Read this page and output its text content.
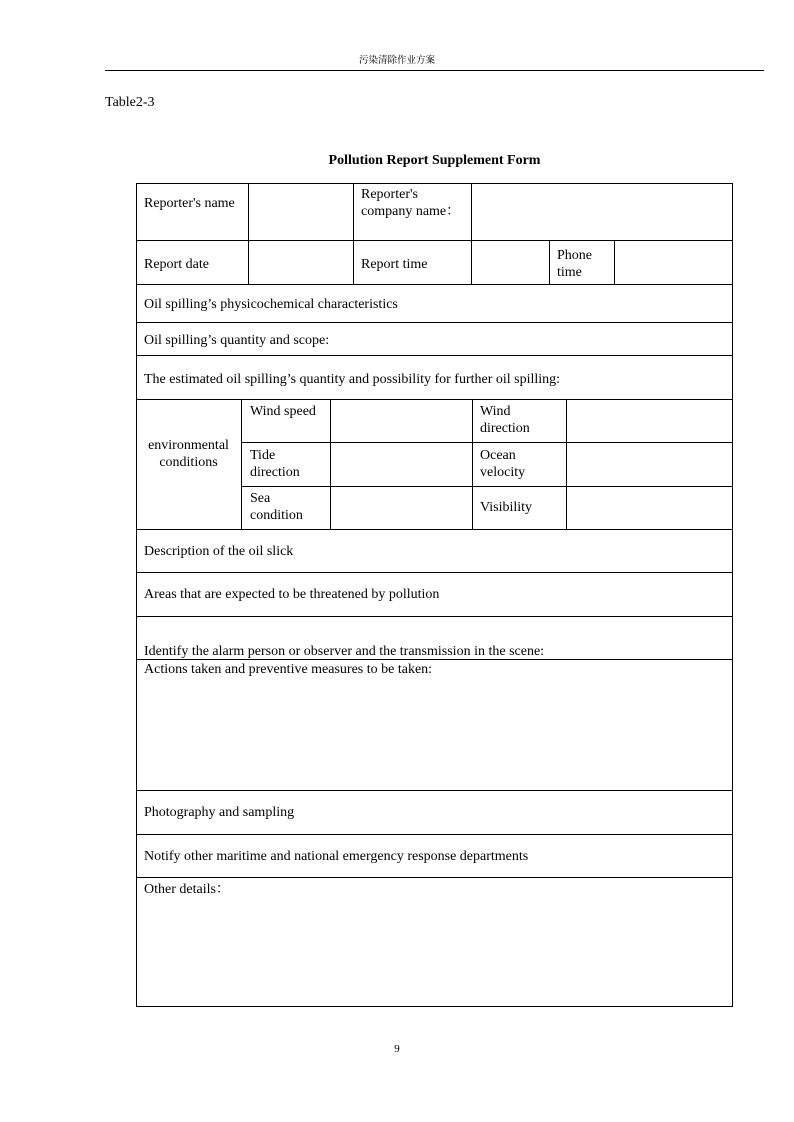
污染清除作业方案
Table2-3
Pollution Report Supplement Form
Reporter's name
Reporter's company name：
Report date	Report time
Phone time
Oil spilling’s physicochemical characteristics
Oil spilling’s quantity and scope:
The estimated oil spilling’s quantity and possibility for further oil spilling:
environmental conditions
Wind speed	Wind direction
Tide direction
Ocean velocity
Sea condition
Visibility
Description of the oil slick
Areas that are expected to be threatened by pollution
Identify the alarm person or observer and the transmission in the scene:
Actions taken and preventive measures to be taken:
Photography and sampling
Notify other maritime and national emergency response departments
Other details：
9
